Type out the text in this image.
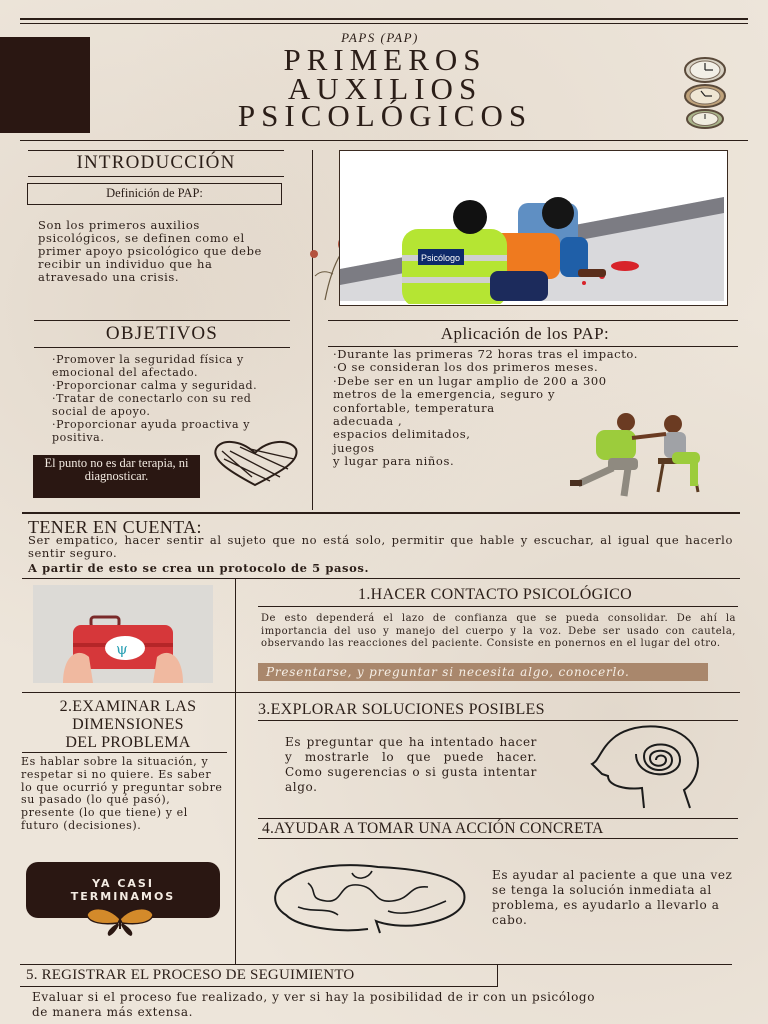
PAPS (PAP)
PRIMEROS
AUXILIOS
PSICOLÓGICOS
INTRODUCCIÓN
Definición de PAP:
Son los primeros auxilios psicológicos, se definen como el primer apoyo psicológico que debe recibir un individuo que ha atravesado una crisis.
Psicólogo
OBJETIVOS
·Promover la seguridad física y emocional del afectado.
·Proporcionar calma y seguridad.
·Tratar de conectarlo con su red social de apoyo.
·Proporcionar ayuda proactiva y positiva.
El punto no es dar terapia, ni diagnosticar.
Aplicación de los PAP:
·Durante las primeras 72 horas tras el impacto.
·O se consideran los dos primeros meses.
·Debe ser en un lugar amplio de 200 a 300
metros de la emergencia, seguro y
confortable, temperatura
adecuada ,
espacios delimitados,
juegos
y lugar para niños.
TENER EN CUENTA:
Ser empatico, hacer sentir al sujeto que no está solo, permitir que hable y escuchar, al igual que hacerlo sentir seguro.
A partir de esto se crea un protocolo de 5 pasos.
ψ
1.HACER CONTACTO PSICOLÓGICO
De esto dependerá el lazo de confianza que se pueda consolidar. De ahí la importancia del uso y manejo del cuerpo y la voz. Debe ser usado con cautela, observando las reacciones del paciente. Consiste en ponernos en el lugar del otro.
Presentarse, y preguntar si necesita algo, conocerlo.
2.EXAMINAR LAS
DIMENSIONES
DEL PROBLEMA
Es hablar sobre la situación, y respetar si no quiere. Es saber lo que ocurrió y preguntar sobre su pasado (lo qué pasó), presente (lo que tiene) y el futuro (decisiones).
YA CASI
TERMINAMOS
3.EXPLORAR SOLUCIONES POSIBLES
Es preguntar que ha intentado hacer y mostrarle lo que puede hacer. Como sugerencias o si gusta intentar algo.
4.AYUDAR A TOMAR UNA ACCIÓN CONCRETA
Es ayudar al paciente a que una vez se tenga la solución inmediata al problema, es ayudarlo a llevarlo a cabo.
5. REGISTRAR EL PROCESO DE SEGUIMIENTO
Evaluar si el proceso fue realizado, y ver si hay la posibilidad de ir con un psicólogo de manera más extensa.
